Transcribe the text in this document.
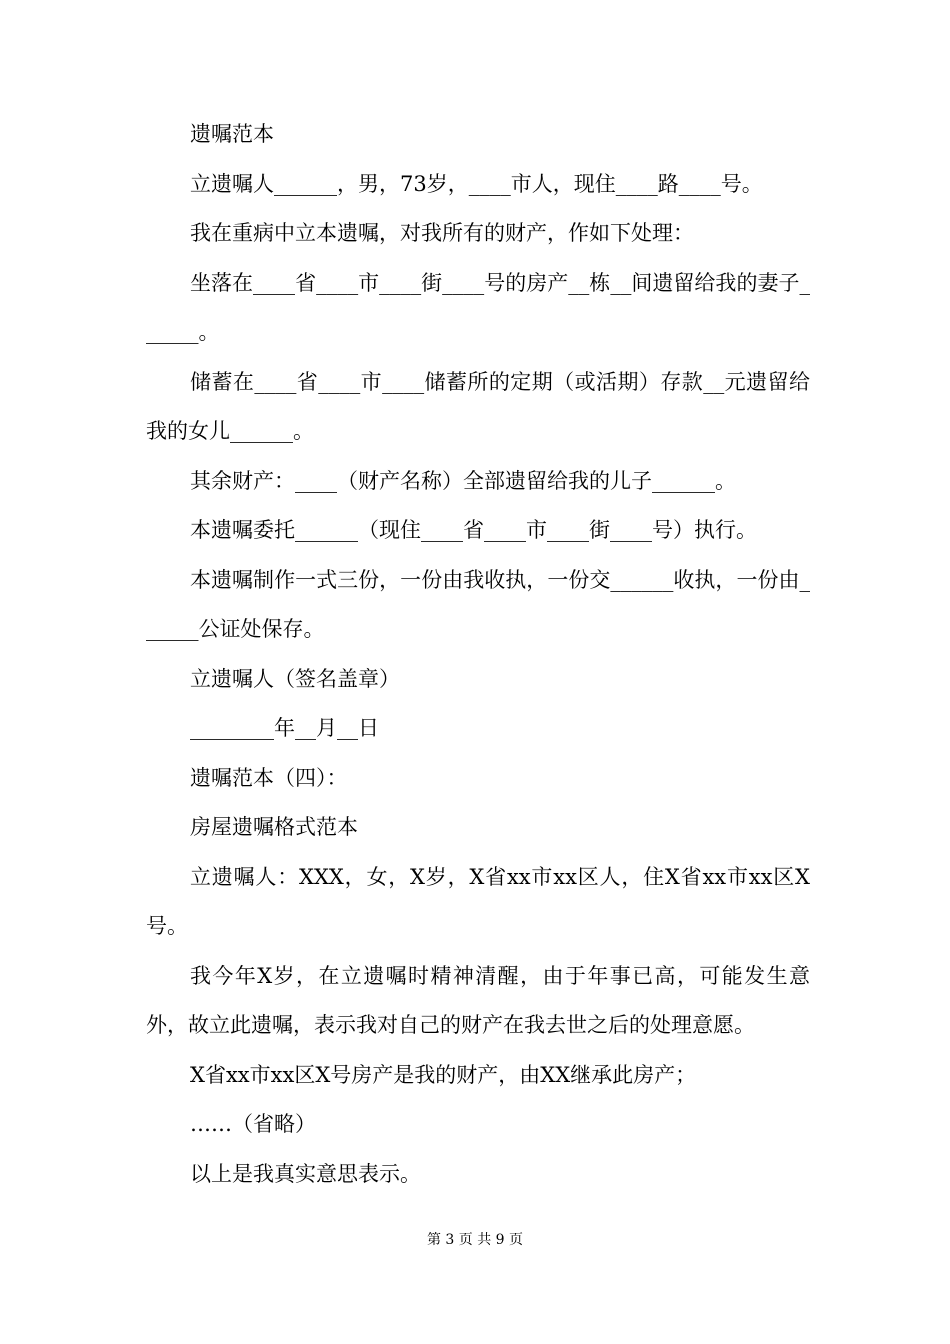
遗嘱范本

立遗嘱人______，男，73岁，____市人，现住____路____号。

我在重病中立本遗嘱，对我所有的财产，作如下处理：

坐落在____省____市____街____号的房产__栋__间遗留给我的妻子______。

储蓄在____省____市____储蓄所的定期（或活期）存款__元遗留给我的女儿______。

其余财产：____（财产名称）全部遗留给我的儿子______。

本遗嘱委托______（现住____省____市____街____号）执行。

本遗嘱制作一式三份，一份由我收执，一份交______收执，一份由______公证处保存。

立遗嘱人（签名盖章）

________年__月__日

遗嘱范本（四）：

房屋遗嘱格式范本

立遗嘱人：XXX，女，X岁，X省xx市xx区人，住X省xx市xx区X号。

我今年X岁，在立遗嘱时精神清醒，由于年事已高，可能发生意外，故立此遗嘱，表示我对自己的财产在我去世之后的处理意愿。

X省xx市xx区X号房产是我的财产，由XX继承此房产；

……（省略）

以上是我真实意思表示。

第 3 页 共 9 页
